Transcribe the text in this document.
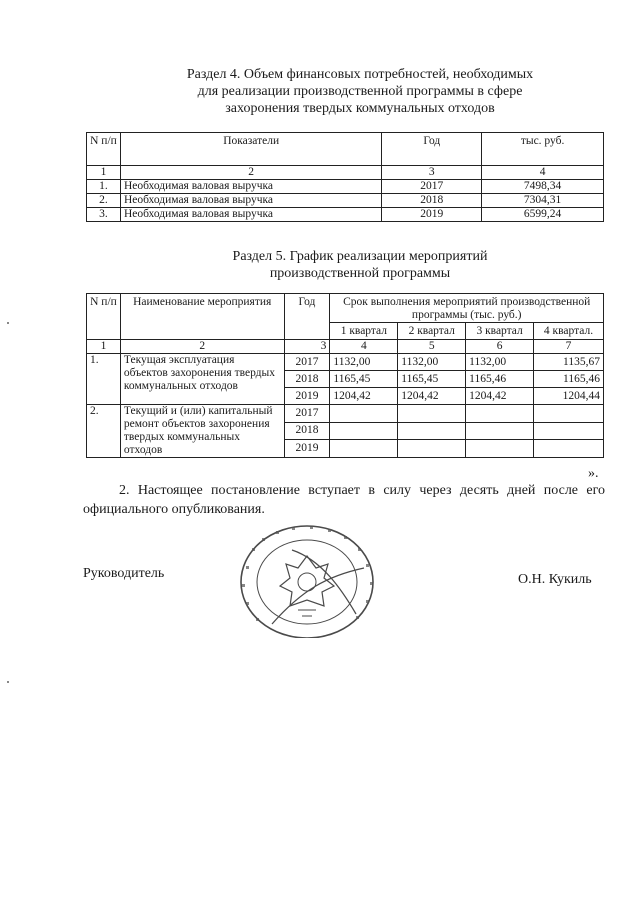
Раздел 4. Объем финансовых потребностей, необходимых
для реализации производственной программы в сфере
захоронения твердых коммунальных отходов
N п/п	Показатели	Год	тыс. руб.
1	2	3	4
1.	Необходимая валовая выручка	2017	7498,34
2.	Необходимая валовая выручка	2018	7304,31
3.	Необходимая валовая выручка	2019	6599,24
Раздел 5. График реализации мероприятий
производственной программы
N п/п	Наименование мероприятия	Год	Срок выполнения мероприятий производственной программы (тыс. руб.)			
			1 квартал	2 квартал	3 квартал	4 квартал.
1	2	3	4	5	6	7
1.	Текущая эксплуатация объектов захоронения твердых коммунальных отходов	2017	1132,00	1132,00	1132,00	1135,67
		2018	1165,45	1165,45	1165,46	1165,46
		2019	1204,42	1204,42	1204,42	1204,44
2.	Текущий и (или) капитальный ремонт объектов захоронения твердых коммунальных отходов	2017				
		2018				
		2019				
».
2. Настоящее постановление вступает в силу через десять дней после его официального опубликования.
Руководитель	О.Н. Кукиль
